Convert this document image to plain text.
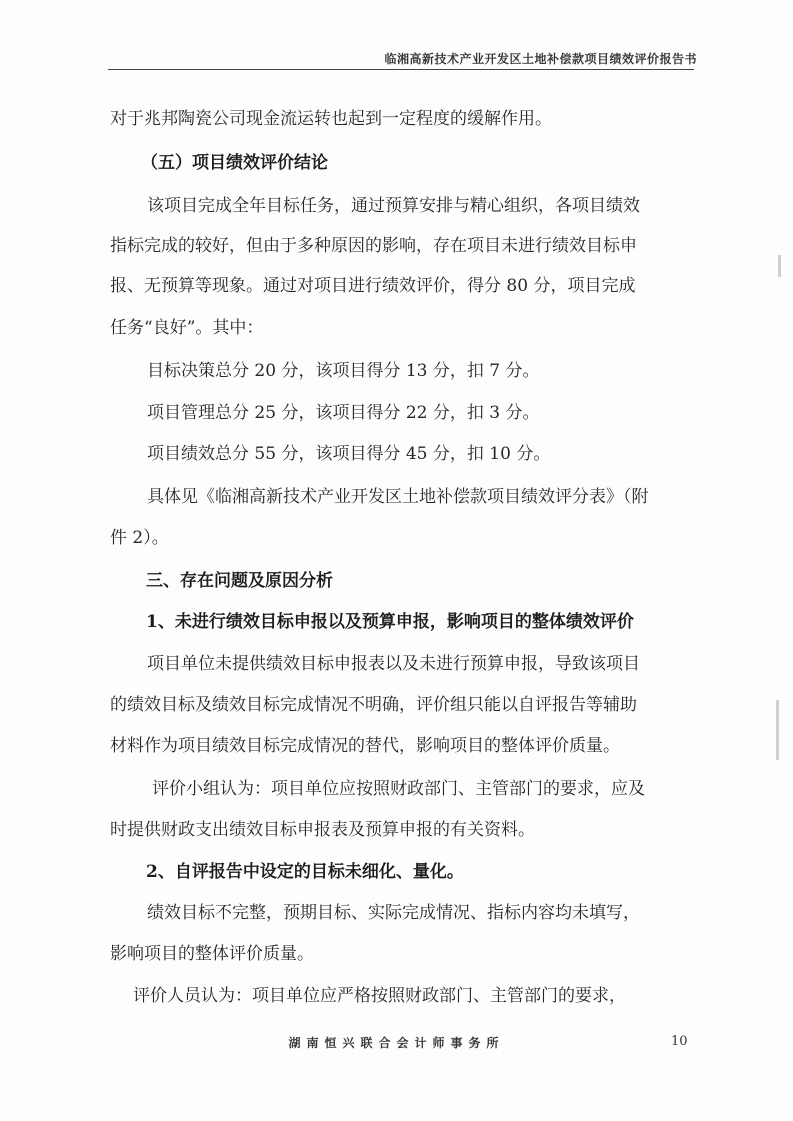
临湘高新技术产业开发区土地补偿款项目绩效评价报告书
对于兆邦陶瓷公司现金流运转也起到一定程度的缓解作用。
（五）项目绩效评价结论
该项目完成全年目标任务，通过预算安排与精心组织，各项目绩效
指标完成的较好，但由于多种原因的影响，存在项目未进行绩效目标申
报、无预算等现象。通过对项目进行绩效评价，得分 80 分，项目完成
任务“良好”。其中：
目标决策总分 20 分，该项目得分 13 分，扣 7 分。
项目管理总分 25 分，该项目得分 22 分，扣 3 分。
项目绩效总分 55 分，该项目得分 45 分，扣 10 分。
具体见《临湘高新技术产业开发区土地补偿款项目绩效评分表》（附
件 2）。
三、存在问题及原因分析
1、未进行绩效目标申报以及预算申报，影响项目的整体绩效评价
项目单位未提供绩效目标申报表以及未进行预算申报，导致该项目
的绩效目标及绩效目标完成情况不明确，评价组只能以自评报告等辅助
材料作为项目绩效目标完成情况的替代，影响项目的整体评价质量。
评价小组认为：项目单位应按照财政部门、主管部门的要求，应及
时提供财政支出绩效目标申报表及预算申报的有关资料。
2、自评报告中设定的目标未细化、量化。
绩效目标不完整，预期目标、实际完成情况、指标内容均未填写，
影响项目的整体评价质量。
评价人员认为：项目单位应严格按照财政部门、主管部门的要求，
湖南恒兴联合会计师事务所	10
